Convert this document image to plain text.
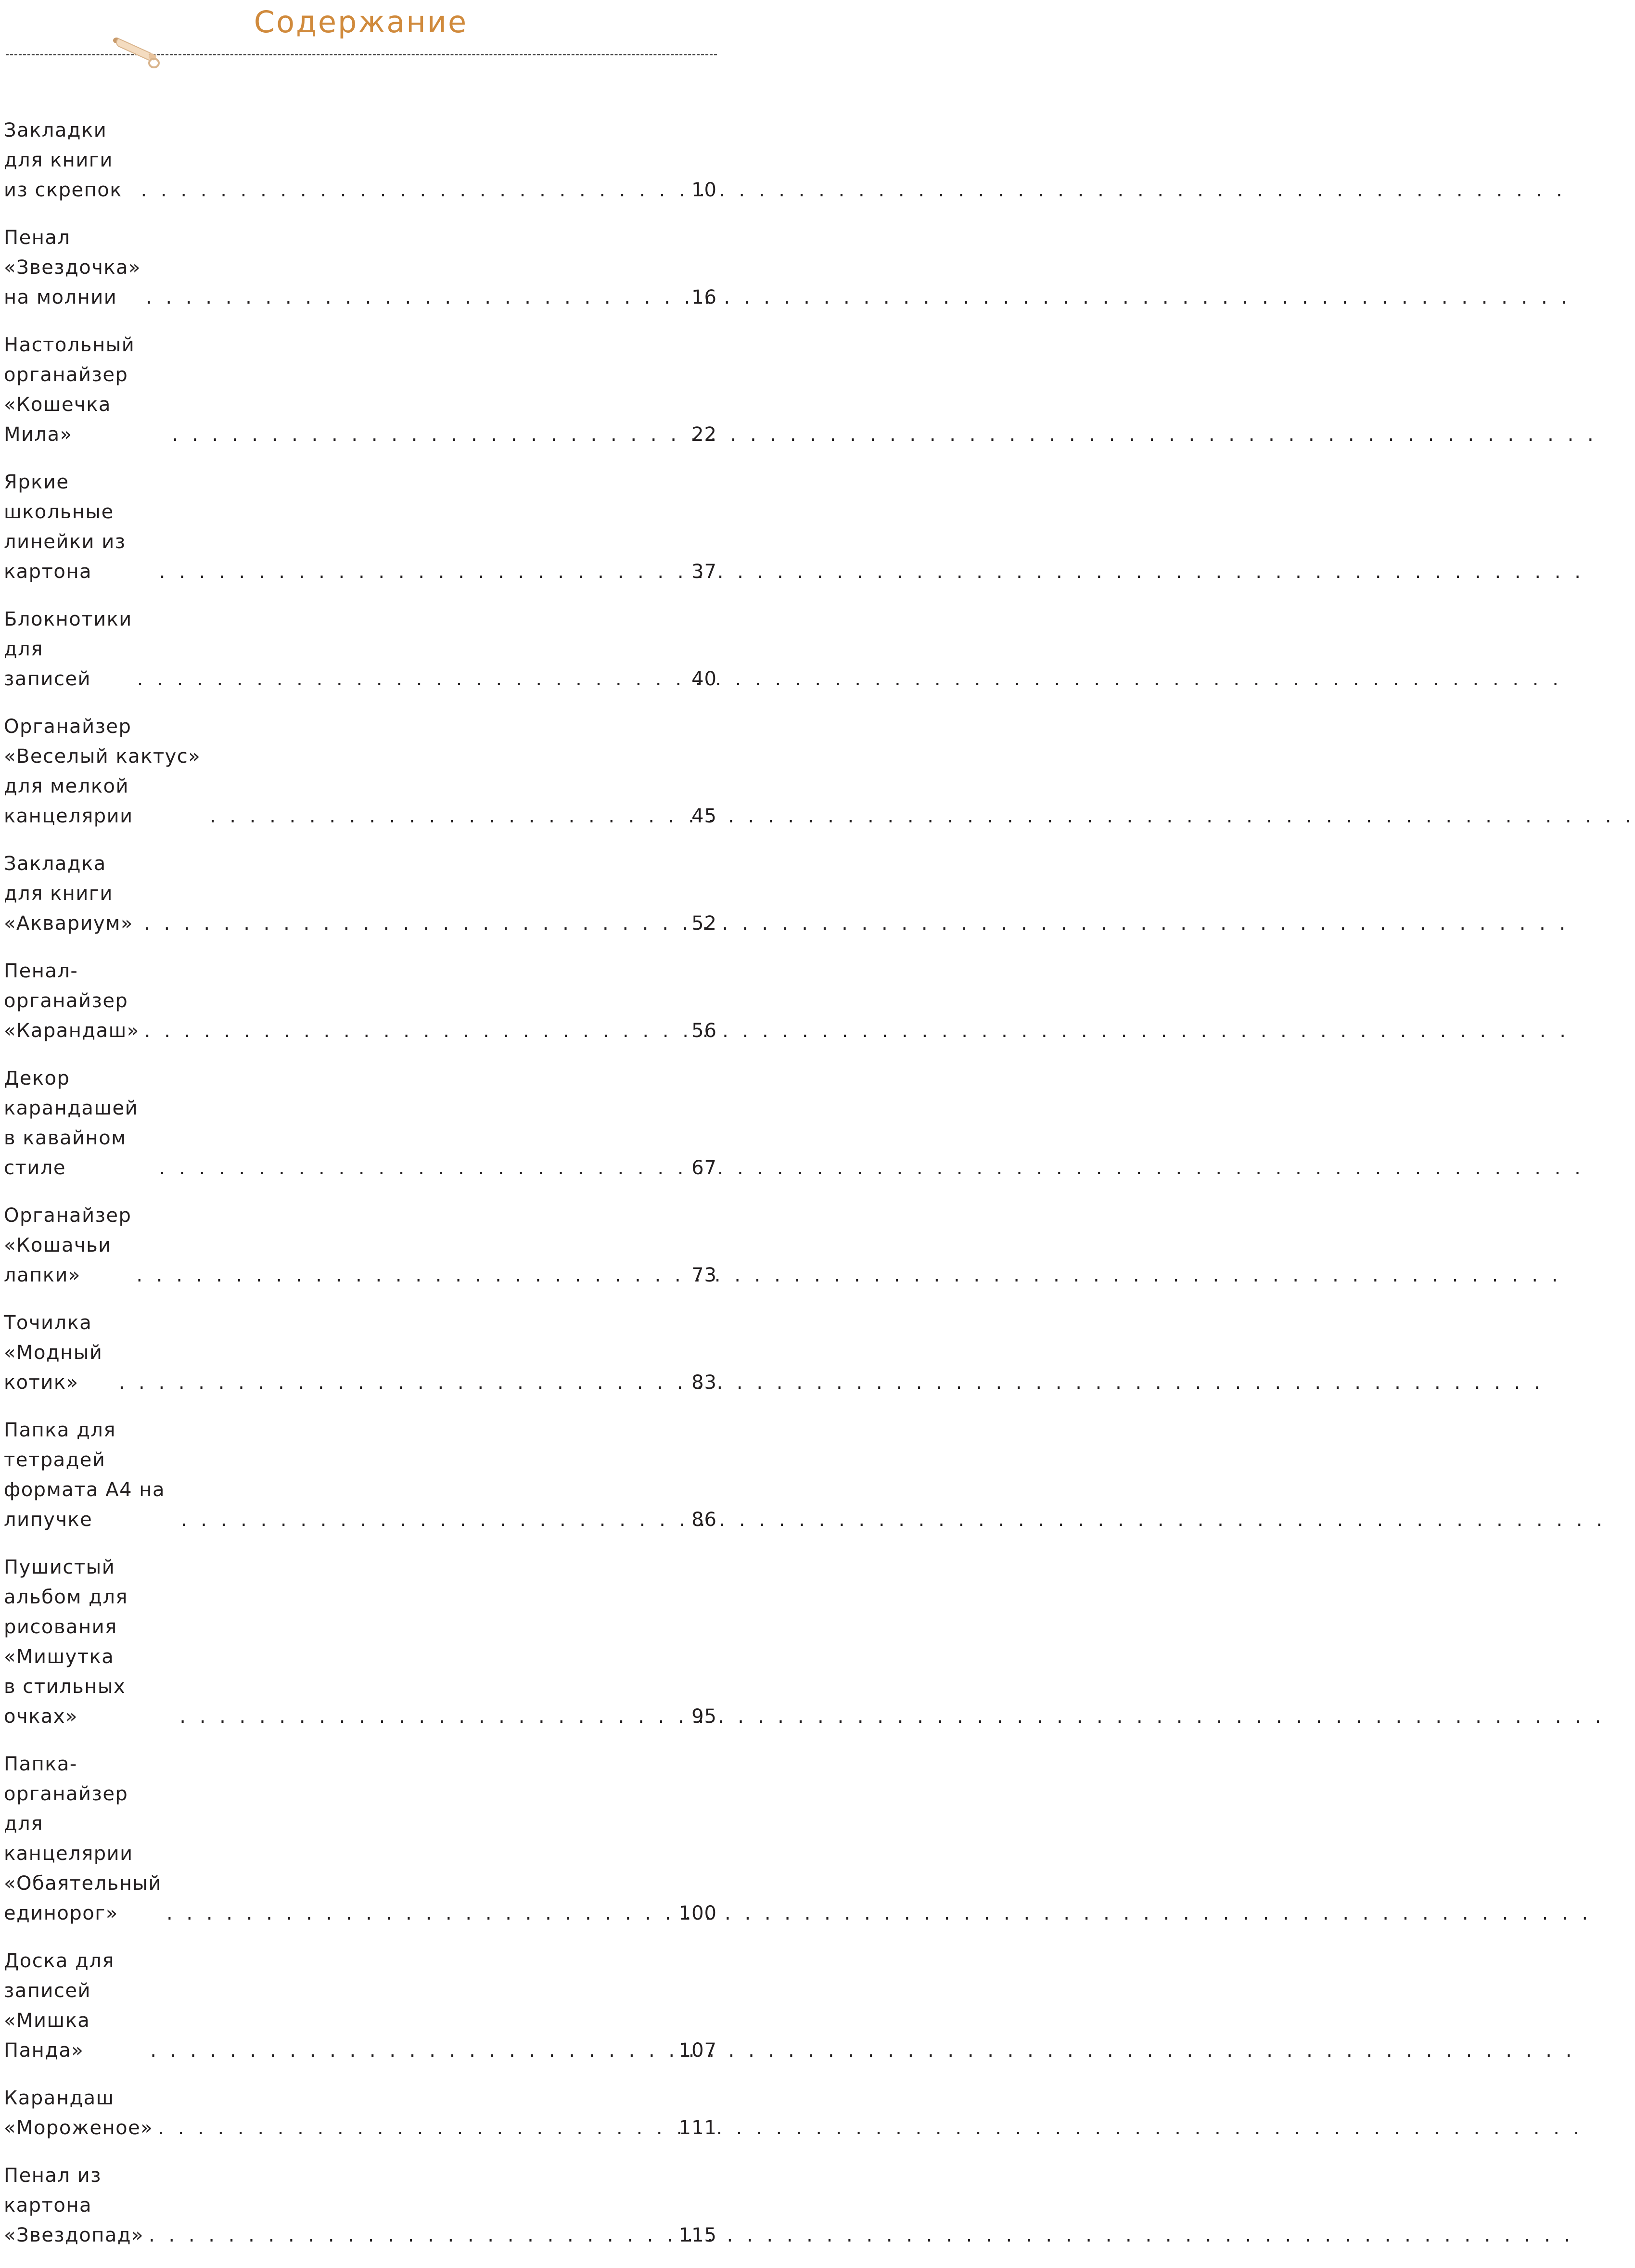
Содержание
Закладки для книги из скрепок . . .	10
Пенал «Звездочка» на молнии . . .	16
Настольный органайзер «Кошечка Мила» . . .	22
Яркие школьные линейки из картона . . .	37
Блокнотики для записей . . .	40
Органайзер «Веселый кактус» для мелкой канцелярии . . .	45
Закладка для книги «Аквариум» . . .	52
Пенал-органайзер «Карандаш» . . .	56
Декор карандашей в кавайном стиле . . .	67
Органайзер «Кошачьи лапки» . . .	73
Точилка «Модный котик» . . .	83
Папка для тетрадей формата А4 на липучке . . .	86
Пушистый альбом для рисования «Мишутка
в стильных очках» . . .	95
Папка-органайзер для канцелярии
«Обаятельный единорог» . . .	100
Доска для записей «Мишка Панда» . . .	107
Карандаш «Мороженое» . . .	111
Пенал из картона «Звездопад» . . .	115
